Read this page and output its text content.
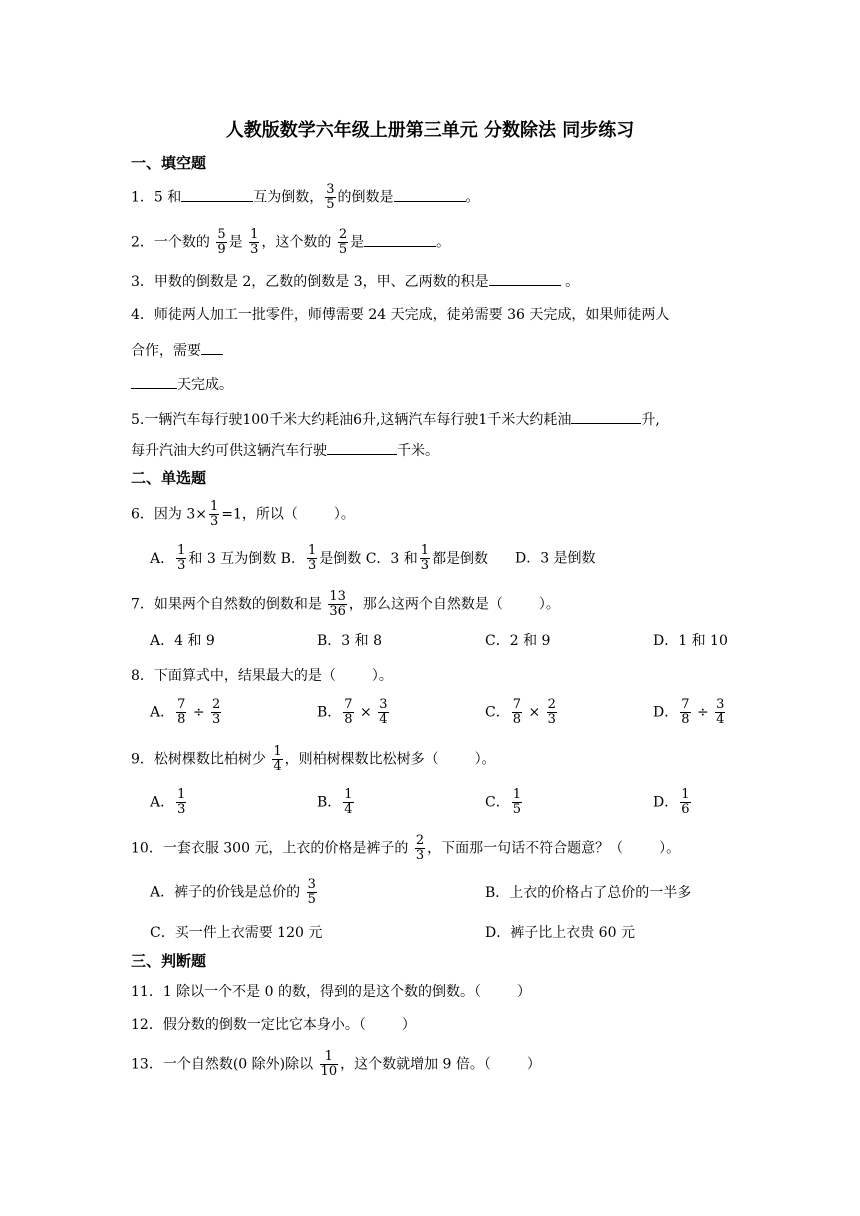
人教版数学六年级上册第三单元 分数除法 同步练习
一、填空题
1．5 和	互为倒数， $\frac{3}{5}$ 的倒数是	。
2．一个数的 $\frac{5}{9}$ 是 $\frac{1}{3}$ ，这个数的 $\frac{2}{5}$ 是	。
3．甲数的倒数是 2，乙数的倒数是 3，甲、乙两数的积是	。
4．师徒两人加工一批零件，师傅需要 24 天完成，徒弟需要 36 天完成，如果师徒两人
合作，需要
天完成。
5.一辆汽车每行驶100千米大约耗油6升,这辆汽车每行驶1千米大约耗油	升,
每升汽油大约可供这辆汽车行驶	千米。
二、单选题
6．因为 $3\times \frac{1}{3} =1$，所以（	）。
A． $\frac{1}{3}$ 和 3 互为倒数 B． $\frac{1}{3}$ 是倒数 C．3 和 $\frac{1}{3}$ 都是倒数 D．3 是倒数
7．如果两个自然数的倒数和是 $\frac{13}{36}$ ，那么这两个自然数是（	）。
A．4 和 9	B．3 和 8	C．2 和 9	D．1 和 10
8．下面算式中，结果最大的是（	）。
A． $\frac{7}{8} \div \frac{2}{3}$	B． $\frac{7}{8} \times \frac{3}{4}$	C． $\frac{7}{8} \times \frac{2}{3}$	D． $\frac{7}{8} \div \frac{3}{4}$
9．松树棵数比柏树少 $\frac{1}{4}$ ，则柏树棵数比松树多（	）。
A． $\frac{1}{3}$	B． $\frac{1}{4}$	C． $\frac{1}{5}$	D． $\frac{1}{6}$
10．一套衣服 300 元，上衣的价格是裤子的 $\frac{2}{3}$ ，下面那一句话不符合题意？（	）。
A．裤子的价钱是总价的 $\frac{3}{5}$	B．上衣的价格占了总价的一半多
C．买一件上衣需要 120 元	D．裤子比上衣贵 60 元
三、判断题
11．1 除以一个不是 0 的数，得到的是这个数的倒数。（	）
12．假分数的倒数一定比它本身小。（	）
13．一个自然数(0 除外)除以 $\frac{1}{10}$ ，这个数就增加 9 倍。（	）
